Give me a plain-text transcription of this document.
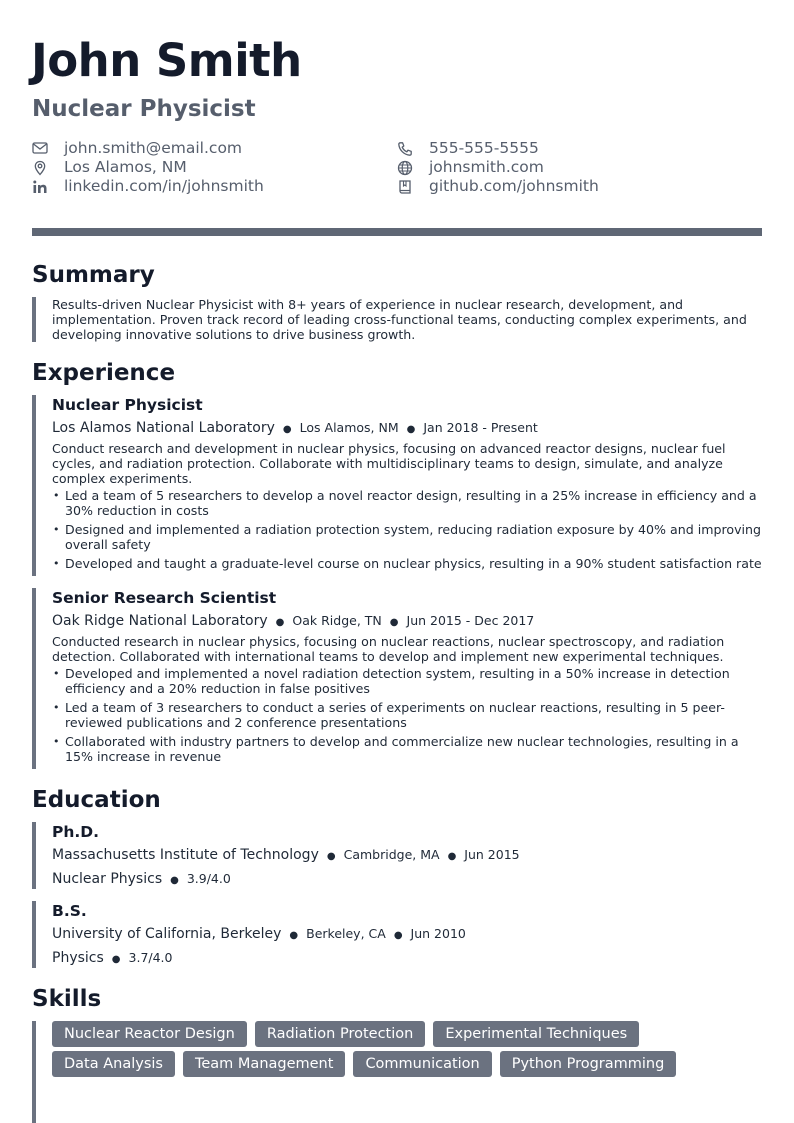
John Smith
Nuclear Physicist
john.smith@email.com
Los Alamos, NM
linkedin.com/in/johnsmith
555-555-5555
johnsmith.com
github.com/johnsmith
Summary

Results-driven Nuclear Physicist with 8+ years of experience in nuclear research, development, and implementation. Proven track record of leading cross-functional teams, conducting complex experiments, and developing innovative solutions to drive business growth.

Experience

Nuclear Physicist

Los Alamos National Laboratory ● Los Alamos, NM ● Jan 2018 - Present

Conduct research and development in nuclear physics, focusing on advanced reactor designs, nuclear fuel cycles, and radiation protection. Collaborate with multidisciplinary teams to design, simulate, and analyze complex experiments.

• Led a team of 5 researchers to develop a novel reactor design, resulting in a 25% increase in efficiency and a 30% reduction in costs
• Designed and implemented a radiation protection system, reducing radiation exposure by 40% and improving overall safety
• Developed and taught a graduate-level course on nuclear physics, resulting in a 90% student satisfaction rate

Senior Research Scientist

Oak Ridge National Laboratory ● Oak Ridge, TN ● Jun 2015 - Dec 2017

Conducted research in nuclear physics, focusing on nuclear reactions, nuclear spectroscopy, and radiation detection. Collaborated with international teams to develop and implement new experimental techniques.

• Developed and implemented a novel radiation detection system, resulting in a 50% increase in detection efficiency and a 20% reduction in false positives
• Led a team of 3 researchers to conduct a series of experiments on nuclear reactions, resulting in 5 peer-reviewed publications and 2 conference presentations
• Collaborated with industry partners to develop and commercialize new nuclear technologies, resulting in a 15% increase in revenue
Education

Ph.D.

Massachusetts Institute of Technology ● Cambridge, MA ● Jun 2015

Nuclear Physics ● 3.9/4.0

B.S.

University of California, Berkeley ● Berkeley, CA ● Jun 2010

Physics ● 3.7/4.0

Skills
Nuclear Reactor Design	Radiation Protection	Experimental Techniques
Data Analysis	Team Management	Communication	Python Programming
